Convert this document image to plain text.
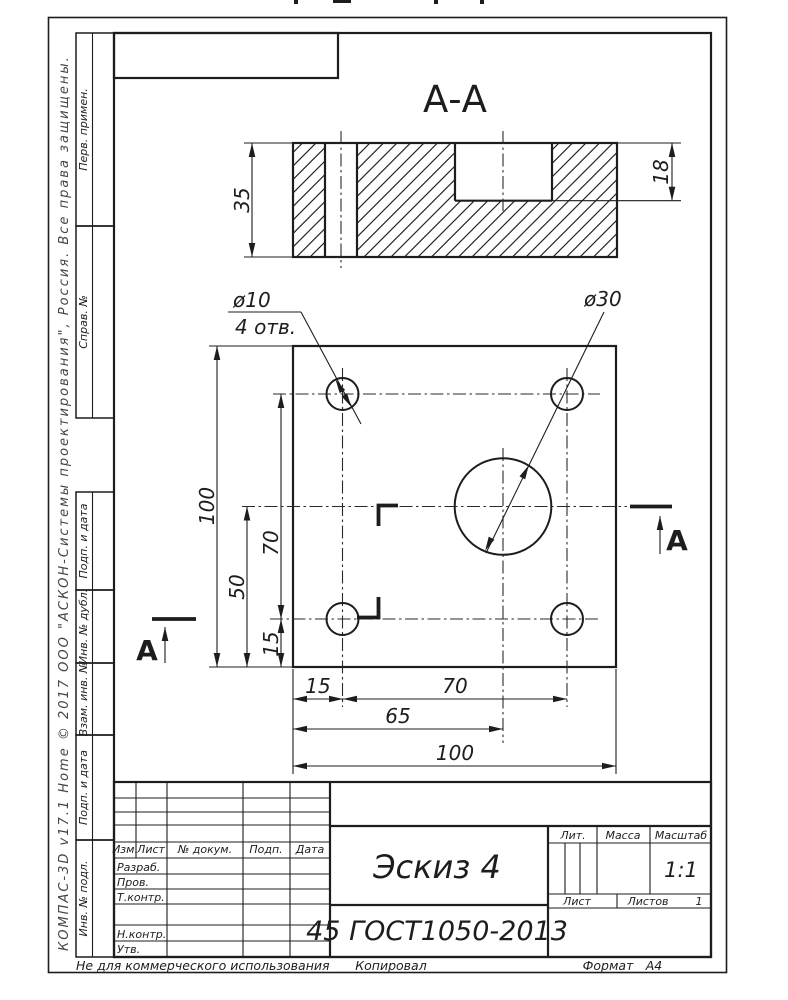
Перв. примен.
Справ. №
Подп. и дата
Инв. № дубл.
Взам. инв. №
Подп. и дата
Инв. № подл.
КОМПАС-3D v17.1 Home © 2017 ООО "АСКОН-Системы проектирования", Россия. Все права защищены.	А-А
35
18
А
А
100
50
70
15
15	70
65
100
ø10
4 отв.
ø30
Изм. Лист № докум. Подп. Дата
Разраб.
Пров.
Т.контр.
Н.контр.
Утв.
Лит. Масса Масштаб
1:1
Лист	Листов 1
Эскиз 4
45 ГОСТ1050-2013
Не для коммерческого использования Копировал	Формат А4
